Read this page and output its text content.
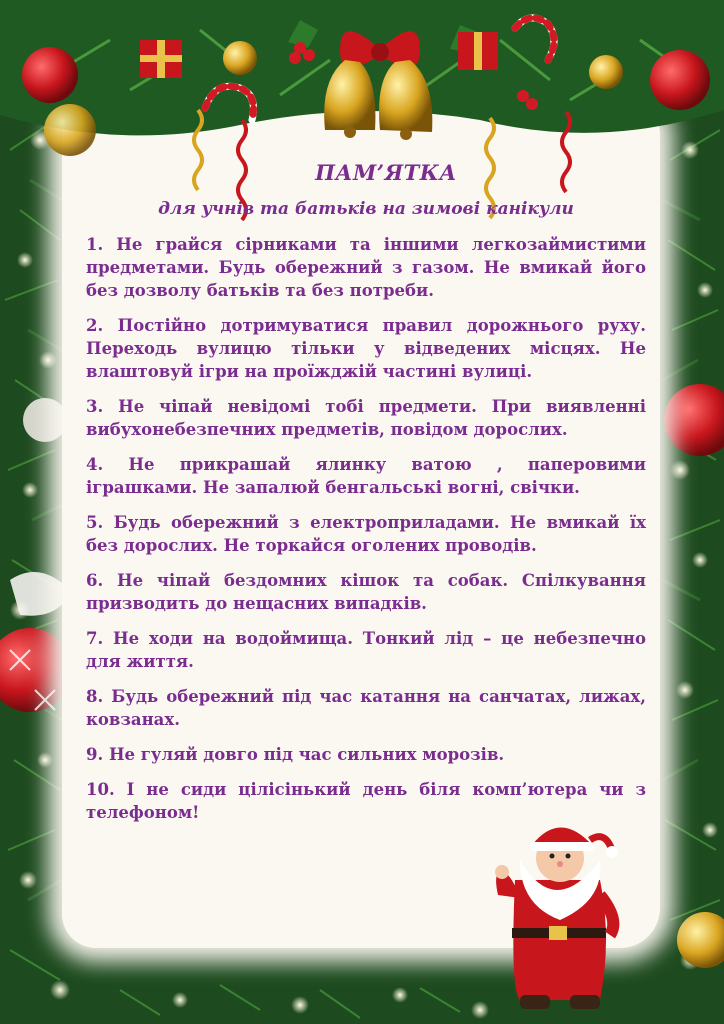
ПАМ’ЯТКА
для учнів та батьків на зимові канікули

1. Не грайся сірниками та іншими легкозаймистими предметами. Будь обережний з газом. Не вмикай його без дозволу батьків та без потреби.

2. Постійно дотримуватися правил дорожнього руху. Переходь вулицю тільки у відведених місцях. Не влаштовуй ігри на проїжджій частині вулиці.

3. Не чіпай невідомі тобі предмети. При виявленні вибухонебезпечних предметів, повідом дорослих.

4. Не прикрашай ялинку ватою , паперовими іграшками. Не запалюй бенгальські вогні, свічки.

5. Будь обережний з електроприладами. Не вмикай їх без дорослих. Не торкайся оголених проводів.

6. Не чіпай бездомних кішок та собак. Спілкування призводить до нещасних випадків.

7. Не ходи на водоймища. Тонкий лід – це небезпечно для життя.

8. Будь обережний під час катання на санчатах, лижах, ковзанах.

9. Не гуляй довго під час сильних морозів.

10. І не сиди цілісінький день біля комп’ютера чи з телефоном!
